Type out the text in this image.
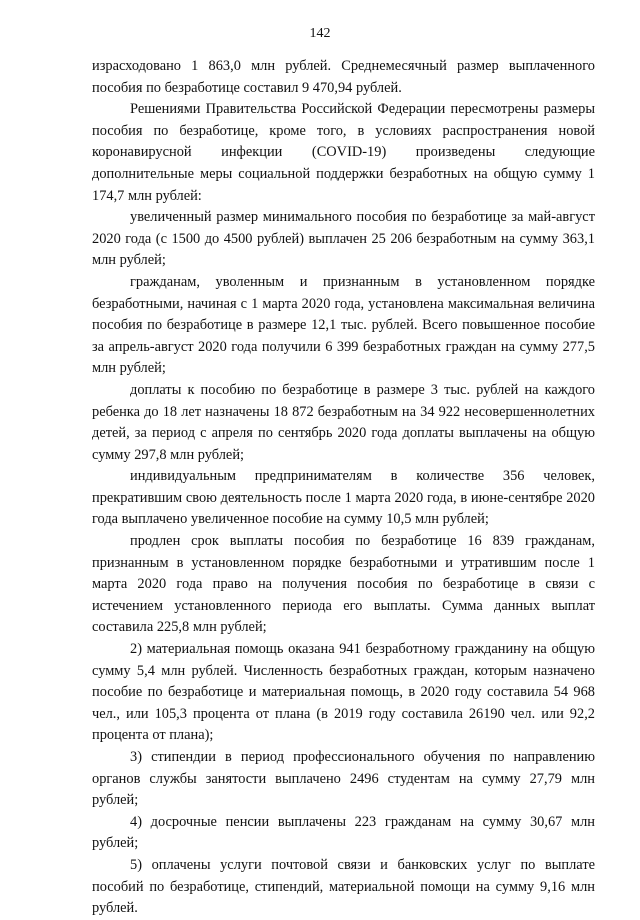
142

израсходовано 1 863,0 млн рублей. Среднемесячный размер выплаченного пособия по безработице составил 9 470,94 рублей.

Решениями Правительства Российской Федерации пересмотрены размеры пособия по безработице, кроме того, в условиях распространения новой коронавирусной инфекции (COVID-19) произведены следующие дополнительные меры социальной поддержки безработных на общую сумму 1 174,7 млн рублей:

увеличенный размер минимального пособия по безработице за май-август 2020 года (с 1500 до 4500 рублей) выплачен 25 206 безработным на сумму 363,1 млн рублей;

гражданам, уволенным и признанным в установленном порядке безработными, начиная с 1 марта 2020 года, установлена максимальная величина пособия по безработице в размере 12,1 тыс. рублей. Всего повышенное пособие за апрель-август 2020 года получили 6 399 безработных граждан на сумму 277,5 млн рублей;

доплаты к пособию по безработице в размере 3 тыс. рублей на каждого ребенка до 18 лет назначены 18 872 безработным на 34 922 несовершеннолетних детей, за период с апреля по сентябрь 2020 года доплаты выплачены на общую сумму 297,8 млн рублей;

индивидуальным предпринимателям в количестве 356 человек, прекратившим свою деятельность после 1 марта 2020 года, в июне-сентябре 2020 года выплачено увеличенное пособие на сумму 10,5 млн рублей;

продлен срок выплаты пособия по безработице 16 839 гражданам, признанным в установленном порядке безработными и утратившим после 1 марта 2020 года право на получения пособия по безработице в связи с истечением установленного периода его выплаты. Сумма данных выплат составила 225,8 млн рублей;

2) материальная помощь оказана 941 безработному гражданину на общую сумму 5,4 млн рублей. Численность безработных граждан, которым назначено пособие по безработице и материальная помощь, в 2020 году составила 54 968 чел., или 105,3 процента от плана (в 2019 году составила 26190 чел. или 92,2 процента от плана);

3) стипендии в период профессионального обучения по направлению органов службы занятости выплачено 2496 студентам на сумму 27,79 млн рублей;

4) досрочные пенсии выплачены 223 гражданам на сумму 30,67 млн рублей;

5) оплачены услуги почтовой связи и банковских услуг по выплате пособий по безработице, стипендий, материальной помощи на сумму 9,16 млн рублей.
